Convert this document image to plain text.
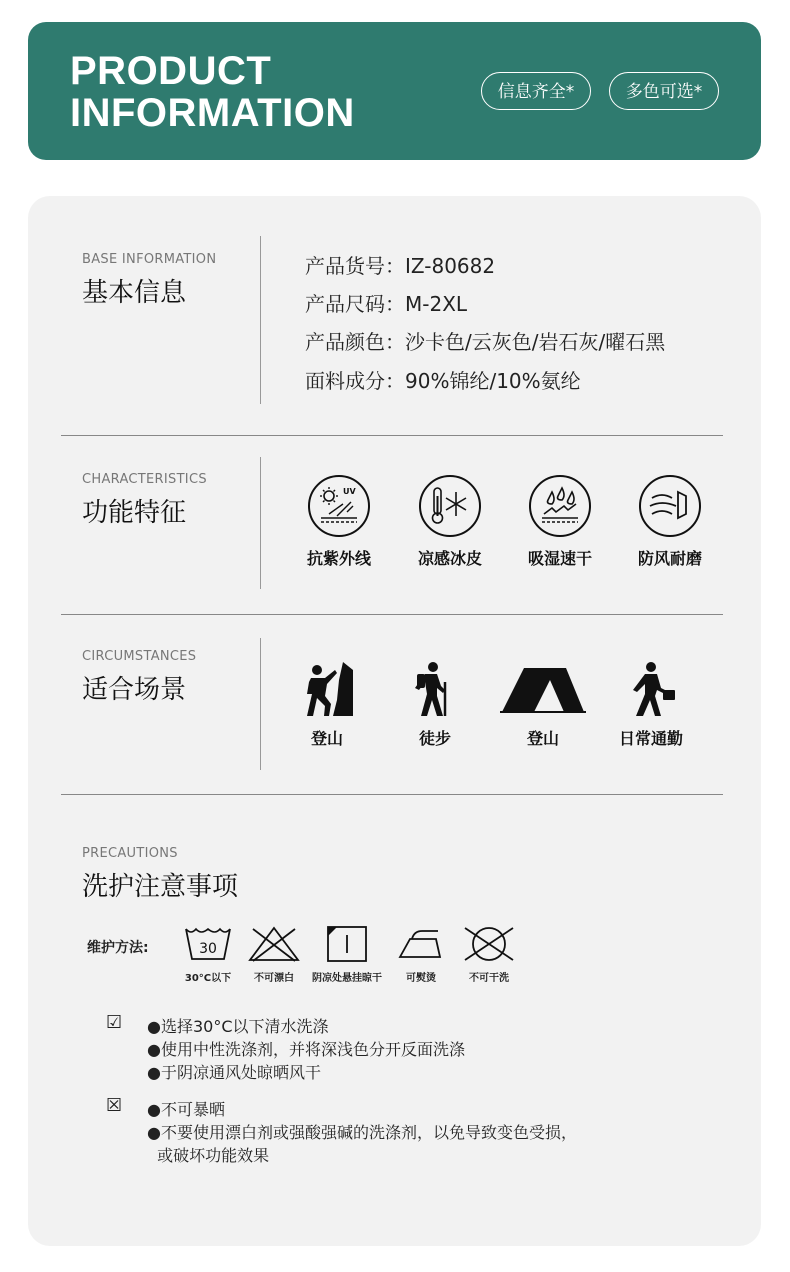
PRODUCT
INFORMATION	信息齐全*	多色可选*
BASE INFORMATION
基本信息
产品货号：IZ-80682
产品尺码：M-2XL
产品颜色：沙卡色/云灰色/岩石灰/曜石黑
面料成分：90%锦纶/10%氨纶
CHARACTERISTICS
功能特征
UV
抗紫外线	凉感冰皮	吸湿速干	防风耐磨
CIRCUMSTANCES
适合场景
登山	徒步	登山	日常通勤
PRECAUTIONS
洗护注意事项
维护方法:	30
30°C以下	不可漂白	阴凉处悬挂晾干	可熨烫	不可干洗
☑ ●选择30°C以下清水洗涤
●使用中性洗涤剂，并将深浅色分开反面洗涤
●于阴凉通风处晾晒风干
☒ ●不可暴晒
●不要使用漂白剂或强酸强碱的洗涤剂，以免导致变色受损，
或破坏功能效果
